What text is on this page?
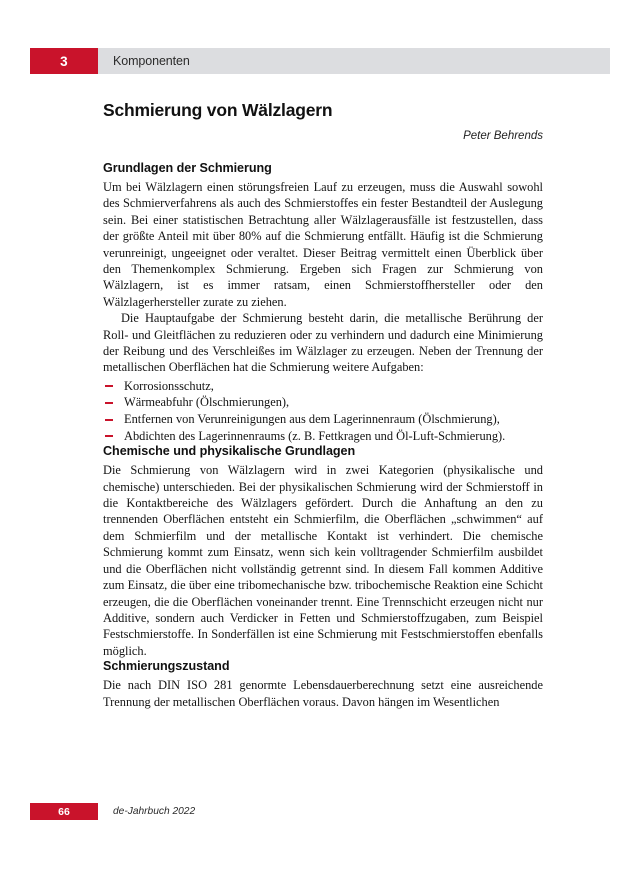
3	Komponenten
Schmierung von Wälzlagern
Peter Behrends
Grundlagen der Schmierung

Um bei Wälzlagern einen störungsfreien Lauf zu erzeugen, muss die Auswahl sowohl des Schmierverfahrens als auch des Schmierstoffes ein fester Bestandteil der Auslegung sein. Bei einer statistischen Betrachtung aller Wälzlagerausfälle ist festzustellen, dass der größte Anteil mit über 80% auf die Schmierung entfällt. Häufig ist die Schmierung verunreinigt, ungeeignet oder veraltet. Dieser Beitrag vermittelt einen Überblick über den Themenkomplex Schmierung. Ergeben sich Fragen zur Schmierung von Wälzlagern, ist es immer ratsam, einen Schmierstoffhersteller oder den Wälzlagerhersteller zurate zu ziehen.

Die Hauptaufgabe der Schmierung besteht darin, die metallische Berührung der Roll- und Gleitflächen zu reduzieren oder zu verhindern und dadurch eine Minimierung der Reibung und des Verschleißes im Wälzlager zu erzeugen. Neben der Trennung der metallischen Oberflächen hat die Schmierung weitere Aufgaben:

Korrosionsschutz,
Wärmeabfuhr (Ölschmierungen),
Entfernen von Verunreinigungen aus dem Lagerinnenraum (Ölschmierung),
Abdichten des Lagerinnenraums (z. B. Fettkragen und Öl-Luft-Schmierung).
Chemische und physikalische Grundlagen

Die Schmierung von Wälzlagern wird in zwei Kategorien (physikalische und chemische) unterschieden. Bei der physikalischen Schmierung wird der Schmierstoff in die Kontaktbereiche des Wälzlagers gefördert. Durch die Anhaftung an den zu trennenden Oberflächen entsteht ein Schmierfilm, die Oberflächen „schwimmen“ auf dem Schmierfilm und der metallische Kontakt ist verhindert. Die chemische Schmierung kommt zum Einsatz, wenn sich kein volltragender Schmierfilm ausbildet und die Oberflächen nicht vollständig getrennt sind. In diesem Fall kommen Additive zum Einsatz, die über eine tribomechanische bzw. tribochemische Reaktion eine Schicht erzeugen, die die Oberflächen voneinander trennt. Eine Trennschicht erzeugen nicht nur Additive, sondern auch Verdicker in Fetten und Schmierstoffzugaben, zum Beispiel Festschmierstoffe. In Sonderfällen ist eine Schmierung mit Festschmierstoffen ebenfalls möglich.

Schmierungszustand

Die nach DIN ISO 281 genormte Lebensdauerberechnung setzt eine ausreichende Trennung der metallischen Oberflächen voraus. Davon hängen im Wesentlichen

66	de-Jahrbuch 2022
